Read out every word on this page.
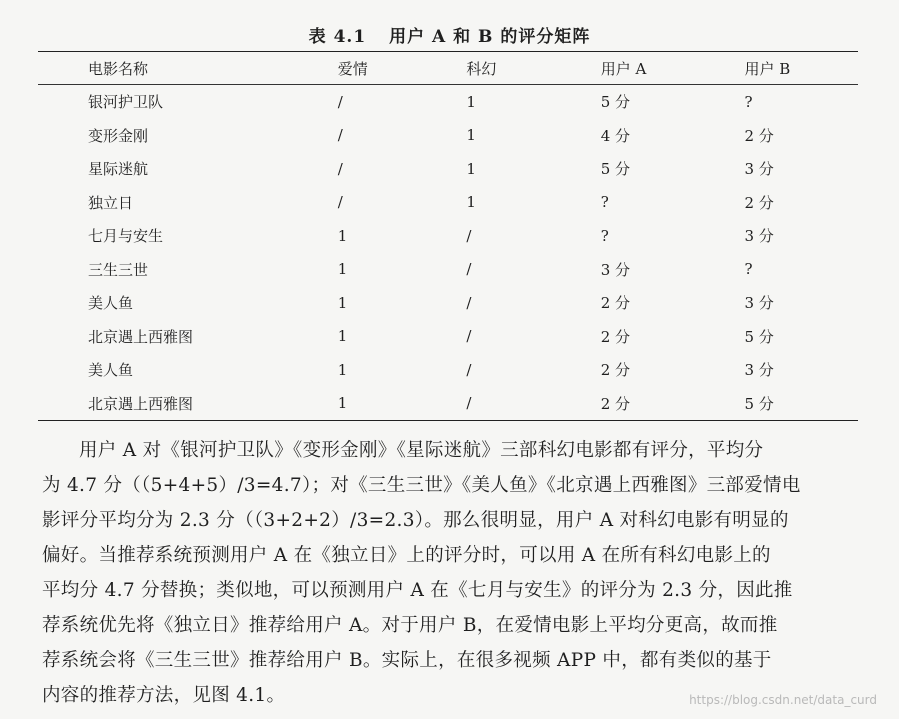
表 4.1 用户 A 和 B 的评分矩阵
电影名称	爱情	科幻	用户 A	用户 B
银河护卫队	/	1	5 分	?
变形金刚	/	1	4 分	2 分
星际迷航	/	1	5 分	3 分
独立日	/	1	?	2 分
七月与安生	1	/	?	3 分
三生三世	1	/	3 分	?
美人鱼	1	/	2 分	3 分
北京遇上西雅图	1	/	2 分	5 分
美人鱼	1	/	2 分	3 分
北京遇上西雅图	1	/	2 分	5 分

用户 A 对《银河护卫队》《变形金刚》《星际迷航》三部科幻电影都有评分，平均分

为 4.7 分（（5+4+5）/3=4.7）；对《三生三世》《美人鱼》《北京遇上西雅图》三部爱情电

影评分平均分为 2.3 分（（3+2+2）/3=2.3）。那么很明显，用户 A 对科幻电影有明显的

偏好。当推荐系统预测用户 A 在《独立日》上的评分时，可以用 A 在所有科幻电影上的

平均分 4.7 分替换；类似地，可以预测用户 A 在《七月与安生》的评分为 2.3 分，因此推

荐系统优先将《独立日》推荐给用户 A。对于用户 B，在爱情电影上平均分更高，故而推

荐系统会将《三生三世》推荐给用户 B。实际上，在很多视频 APP 中，都有类似的基于

内容的推荐方法，见图 4.1。	https://blog.csdn.net/data_curd
